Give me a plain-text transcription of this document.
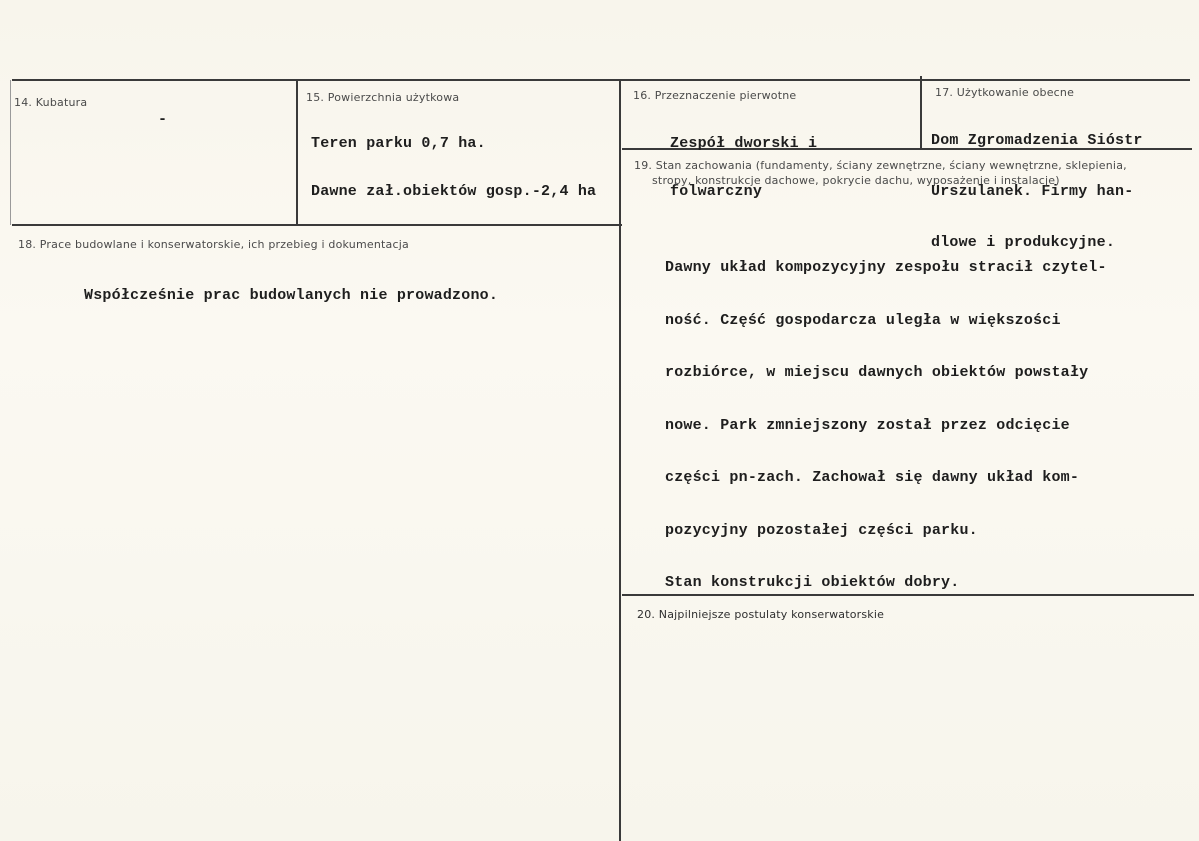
14. Kubatura
-
15. Powierzchnia użytkowa

Teren parku 0,7 ha.

Dawne zał.obiektów gosp.-2,4 ha

16. Przeznaczenie pierwotne

Zespół dworski i

folwarczny

17. Użytkowanie obecne

Dom Zgromadzenia Sióstr

Urszulanek. Firmy han-

dlowe i produkcyjne.

18. Prace budowlane i konserwatorskie, ich przebieg i dokumentacja
Współcześnie prac budowlanych nie prowadzono.
19. Stan zachowania (fundamenty, ściany zewnętrzne, ściany wewnętrzne, sklepienia,
stropy, konstrukcje dachowe, pokrycie dachu, wyposażenie i instalacje)

Dawny układ kompozycyjny zespołu stracił czytel-

ność. Część gospodarcza uległa w większości

rozbiórce, w miejscu dawnych obiektów powstały

nowe. Park zmniejszony został przez odcięcie

części pn-zach. Zachował się dawny układ kom-

pozycyjny pozostałej części parku.

Stan konstrukcji obiektów dobry.

20. Najpilniejsze postulaty konserwatorskie
